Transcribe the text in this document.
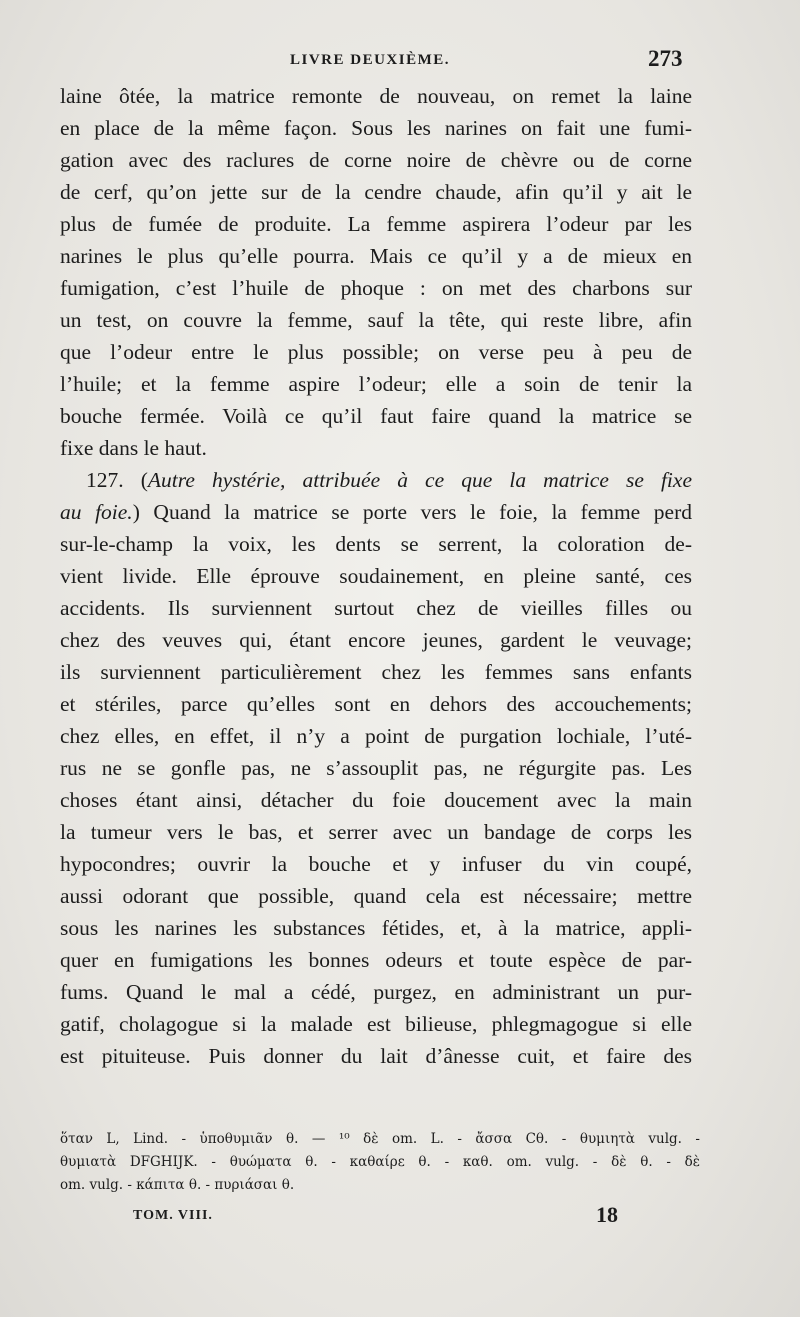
LIVRE DEUXIÈME.	273
laine ôtée, la matrice remonte de nouveau, on remet la laine
en place de la même façon. Sous les narines on fait une fumi-
gation avec des raclures de corne noire de chèvre ou de corne
de cerf, qu’on jette sur de la cendre chaude, afin qu’il y ait le
plus de fumée de produite. La femme aspirera l’odeur par les
narines le plus qu’elle pourra. Mais ce qu’il y a de mieux en
fumigation, c’est l’huile de phoque : on met des charbons sur
un test, on couvre la femme, sauf la tête, qui reste libre, afin
que l’odeur entre le plus possible; on verse peu à peu de
l’huile; et la femme aspire l’odeur; elle a soin de tenir la
bouche fermée. Voilà ce qu’il faut faire quand la matrice se
fixe dans le haut.
127. (Autre hystérie, attribuée à ce que la matrice se fixe
au foie.) Quand la matrice se porte vers le foie, la femme perd
sur-le-champ la voix, les dents se serrent, la coloration de-
vient livide. Elle éprouve soudainement, en pleine santé, ces
accidents. Ils surviennent surtout chez de vieilles filles ou
chez des veuves qui, étant encore jeunes, gardent le veuvage;
ils surviennent particulièrement chez les femmes sans enfants
et stériles, parce qu’elles sont en dehors des accouchements;
chez elles, en effet, il n’y a point de purgation lochiale, l’uté-
rus ne se gonfle pas, ne s’assouplit pas, ne régurgite pas. Les
choses étant ainsi, détacher du foie doucement avec la main
la tumeur vers le bas, et serrer avec un bandage de corps les
hypocondres; ouvrir la bouche et y infuser du vin coupé,
aussi odorant que possible, quand cela est nécessaire; mettre
sous les narines les substances fétides, et, à la matrice, appli-
quer en fumigations les bonnes odeurs et toute espèce de par-
fums. Quand le mal a cédé, purgez, en administrant un pur-
gatif, cholagogue si la malade est bilieuse, phlegmagogue si elle
est pituiteuse. Puis donner du lait d’ânesse cuit, et faire des
ὅταν L, Lind. - ὑποθυμιᾶν θ. — ¹⁰ δὲ om. L. - ἄσσα Cθ. - θυμιητὰ vulg. -
θυμιατὰ DFGHIJK. - θυώματα θ. - καθαίρε θ. - καθ. om. vulg. - δὲ θ. - δὲ
om. vulg. - κάπιτα θ. - πυριάσαι θ.
TOM. VIII.	18
